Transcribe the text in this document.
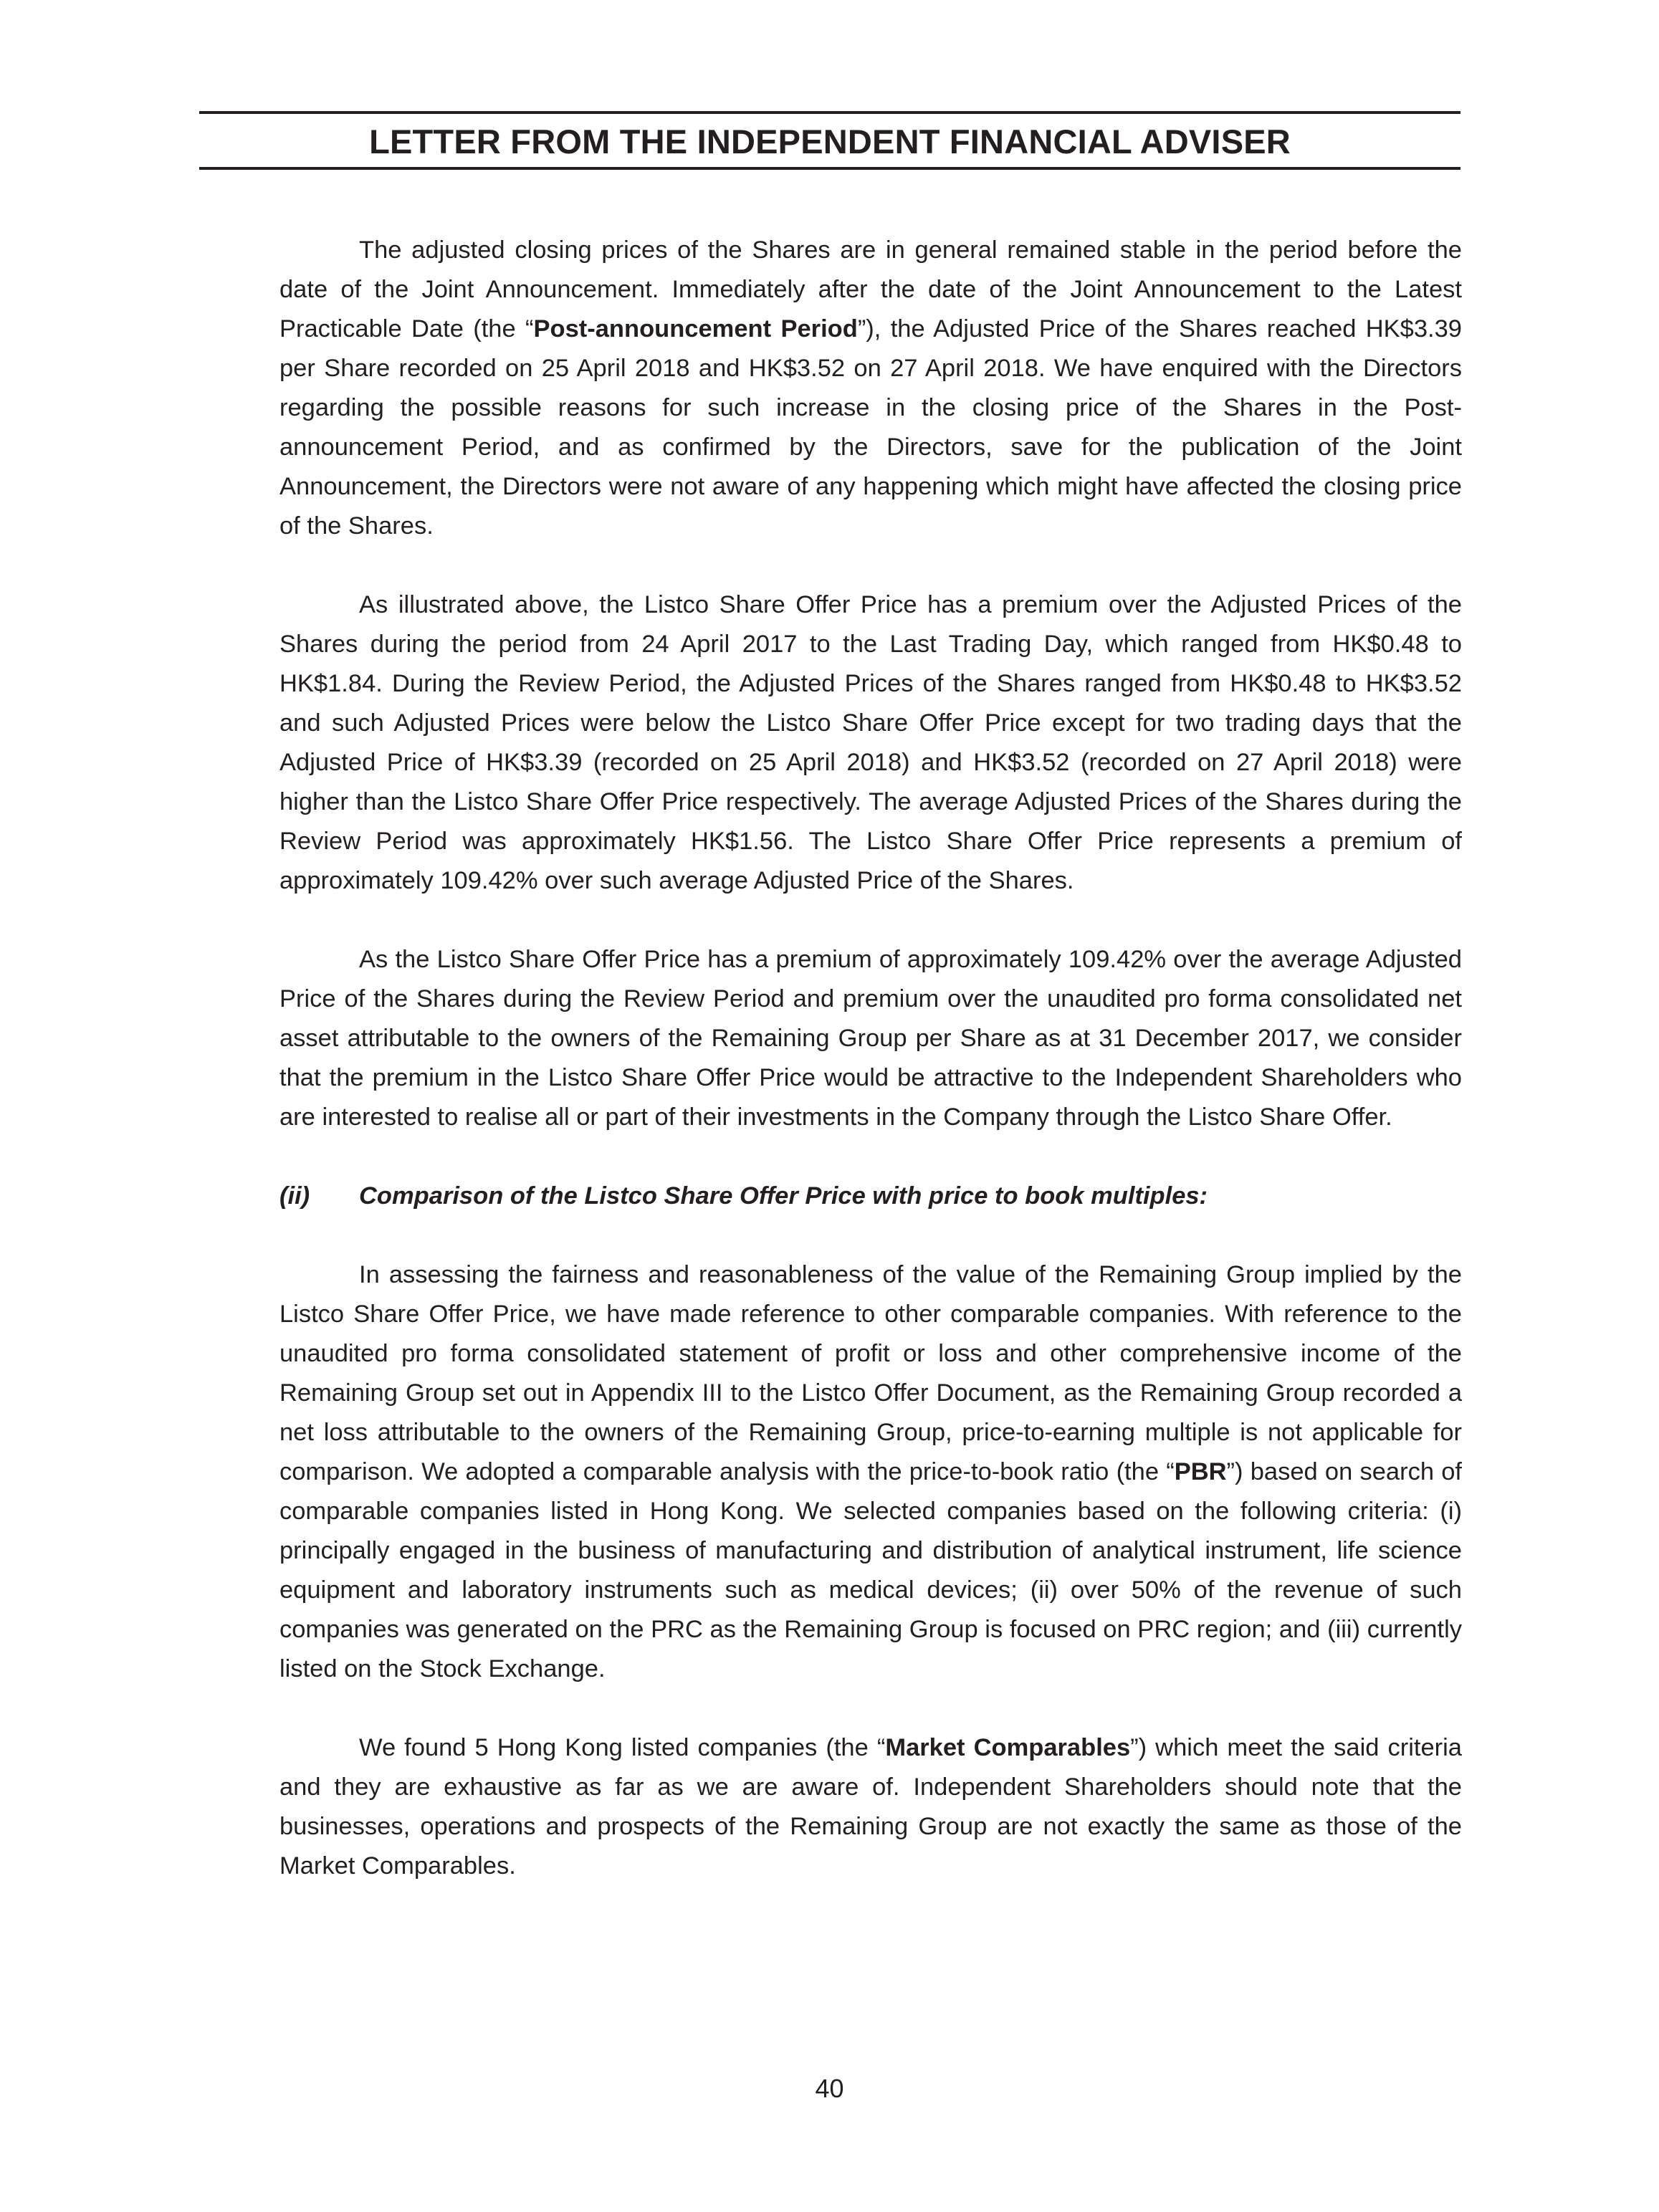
LETTER FROM THE INDEPENDENT FINANCIAL ADVISER

The adjusted closing prices of the Shares are in general remained stable in the period before the date of the Joint Announcement. Immediately after the date of the Joint Announcement to the Latest Practicable Date (the “Post-announcement Period”), the Adjusted Price of the Shares reached HK$3.39 per Share recorded on 25 April 2018 and HK$3.52 on 27 April 2018. We have enquired with the Directors regarding the possible reasons for such increase in the closing price of the Shares in the Post-announcement Period, and as confirmed by the Directors, save for the publication of the Joint Announcement, the Directors were not aware of any happening which might have affected the closing price of the Shares.

As illustrated above, the Listco Share Offer Price has a premium over the Adjusted Prices of the Shares during the period from 24 April 2017 to the Last Trading Day, which ranged from HK$0.48 to HK$1.84. During the Review Period, the Adjusted Prices of the Shares ranged from HK$0.48 to HK$3.52 and such Adjusted Prices were below the Listco Share Offer Price except for two trading days that the Adjusted Price of HK$3.39 (recorded on 25 April 2018) and HK$3.52 (recorded on 27 April 2018) were higher than the Listco Share Offer Price respectively. The average Adjusted Prices of the Shares during the Review Period was approximately HK$1.56. The Listco Share Offer Price represents a premium of approximately 109.42% over such average Adjusted Price of the Shares.

As the Listco Share Offer Price has a premium of approximately 109.42% over the average Adjusted Price of the Shares during the Review Period and premium over the unaudited pro forma consolidated net asset attributable to the owners of the Remaining Group per Share as at 31 December 2017, we consider that the premium in the Listco Share Offer Price would be attractive to the Independent Shareholders who are interested to realise all or part of their investments in the Company through the Listco Share Offer.

(ii) Comparison of the Listco Share Offer Price with price to book multiples:

In assessing the fairness and reasonableness of the value of the Remaining Group implied by the Listco Share Offer Price, we have made reference to other comparable companies. With reference to the unaudited pro forma consolidated statement of profit or loss and other comprehensive income of the Remaining Group set out in Appendix III to the Listco Offer Document, as the Remaining Group recorded a net loss attributable to the owners of the Remaining Group, price-to-earning multiple is not applicable for comparison. We adopted a comparable analysis with the price-to-book ratio (the “PBR”) based on search of comparable companies listed in Hong Kong. We selected companies based on the following criteria: (i) principally engaged in the business of manufacturing and distribution of analytical instrument, life science equipment and laboratory instruments such as medical devices; (ii) over 50% of the revenue of such companies was generated on the PRC as the Remaining Group is focused on PRC region; and (iii) currently listed on the Stock Exchange.

We found 5 Hong Kong listed companies (the “Market Comparables”) which meet the said criteria and they are exhaustive as far as we are aware of. Independent Shareholders should note that the businesses, operations and prospects of the Remaining Group are not exactly the same as those of the Market Comparables.

40
